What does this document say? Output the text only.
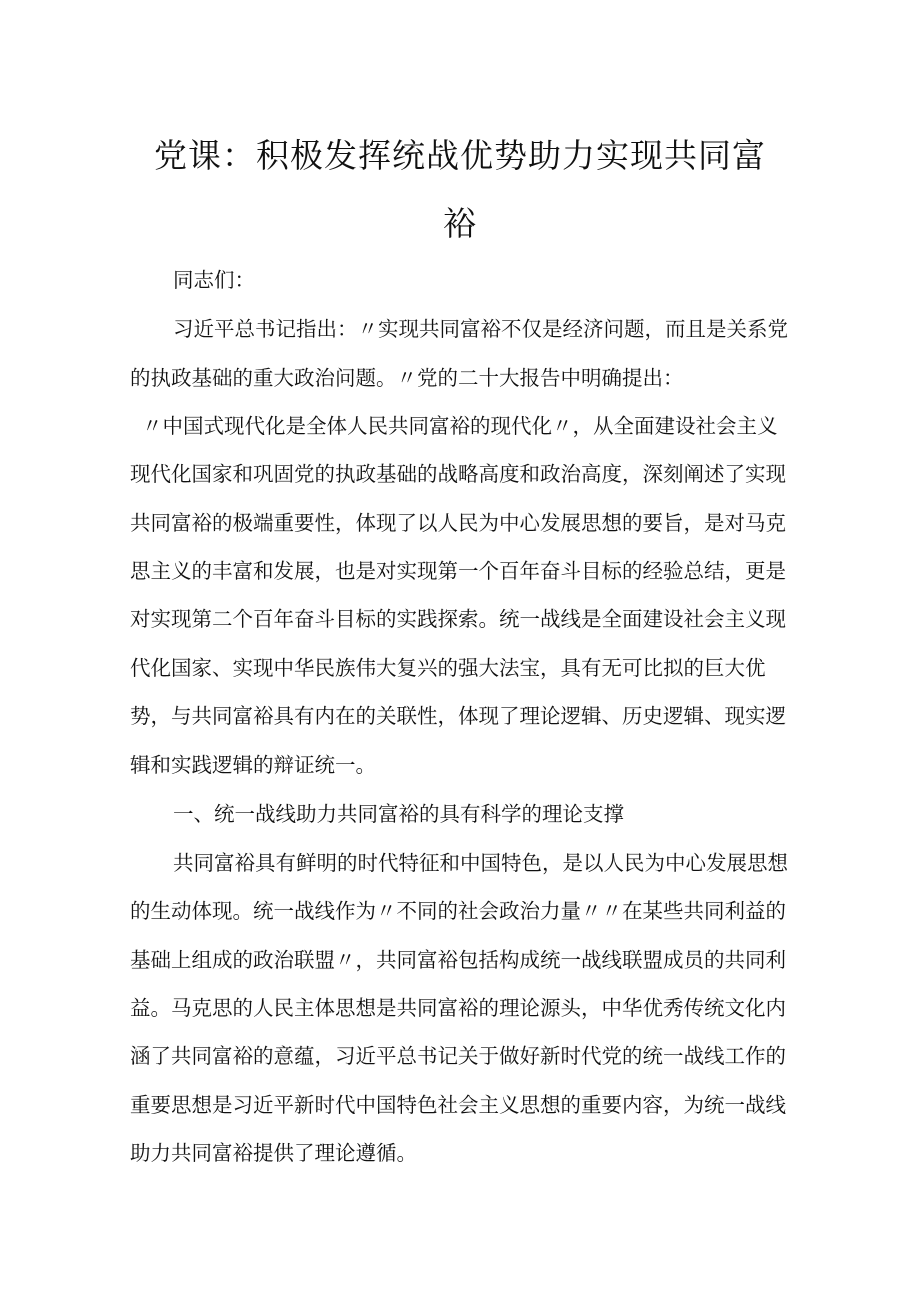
党课：积极发挥统战优势助力实现共同富
裕

同志们：

习近平总书记指出：〃实现共同富裕不仅是经济问题，而且是关系党

的执政基础的重大政治问题。〃党的二十大报告中明确提出：

〃中国式现代化是全体人民共同富裕的现代化〃，从全面建设社会主义

现代化国家和巩固党的执政基础的战略高度和政治高度，深刻阐述了实现

共同富裕的极端重要性，体现了以人民为中心发展思想的要旨，是对马克

思主义的丰富和发展，也是对实现第一个百年奋斗目标的经验总结，更是

对实现第二个百年奋斗目标的实践探索。统一战线是全面建设社会主义现

代化国家、实现中华民族伟大复兴的强大法宝，具有无可比拟的巨大优

势，与共同富裕具有内在的关联性，体现了理论逻辑、历史逻辑、现实逻

辑和实践逻辑的辩证统一。

一、统一战线助力共同富裕的具有科学的理论支撑

共同富裕具有鲜明的时代特征和中国特色，是以人民为中心发展思想

的生动体现。统一战线作为〃不同的社会政治力量〃〃在某些共同利益的

基础上组成的政治联盟〃，共同富裕包括构成统一战线联盟成员的共同利

益。马克思的人民主体思想是共同富裕的理论源头，中华优秀传统文化内

涵了共同富裕的意蕴，习近平总书记关于做好新时代党的统一战线工作的

重要思想是习近平新时代中国特色社会主义思想的重要内容，为统一战线

助力共同富裕提供了理论遵循。
